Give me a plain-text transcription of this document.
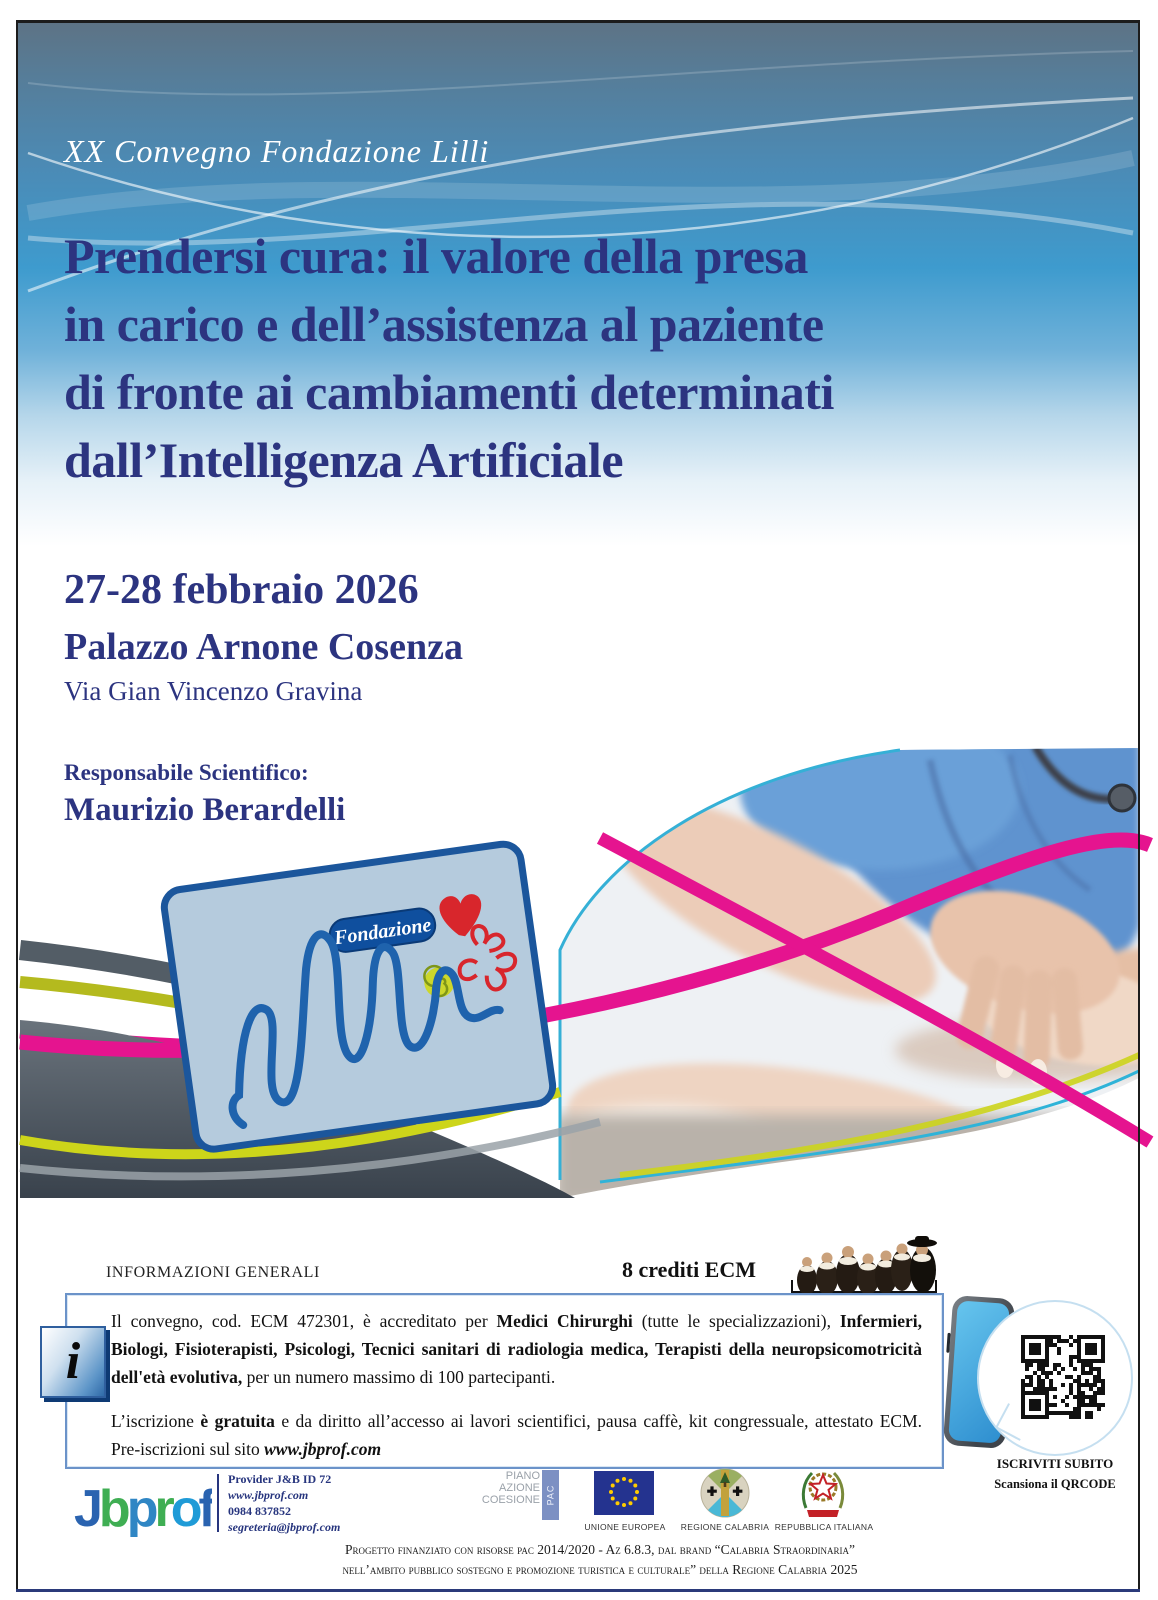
XX Convegno Fondazione Lilli
Prendersi cura: il valore della presa
in carico e dell’assistenza al paziente
di fronte ai cambiamenti determinati
dall’Intelligenza Artificiale
27-28 febbraio 2026
Palazzo Arnone Cosenza
Via Gian Vincenzo Gravina
Responsabile Scientifico:
Maurizio Berardelli
Fondazione
INFORMAZIONI GENERALI	8 crediti ECM

Il convegno, cod. ECM 472301, è accreditato per Medici Chirurghi (tutte le specializzazioni), Infermieri, Biologi, Fisioterapisti, Psicologi, Tecnici sanitari di radiologia medica, Terapisti della neuropsicomotricità dell'età evolutiva, per un numero massimo di 100 partecipanti.

L’iscrizione è gratuita e da diritto all’accesso ai lavori scientifici, pausa caffè, kit congressuale, attestato ECM. Pre-iscrizioni sul sito www.jbprof.com

i
ISCRIVITI SUBITO
Scansiona il QRCODE
Jbprof
Provider J&B ID 72
www.jbprof.com
0984 837852
segreteria@jbprof.com
PIANO
AZIONE
COESIONE PAC
UNIONE EUROPEA	REGIONE CALABRIA REPUBBLICA ITALIANA
Progetto finanziato con risorse pac 2014/2020 - Az 6.8.3, dal brand “Calabria Straordinaria”
nell’ambito pubblico sostegno e promozione turistica e culturale” della Regione Calabria 2025
